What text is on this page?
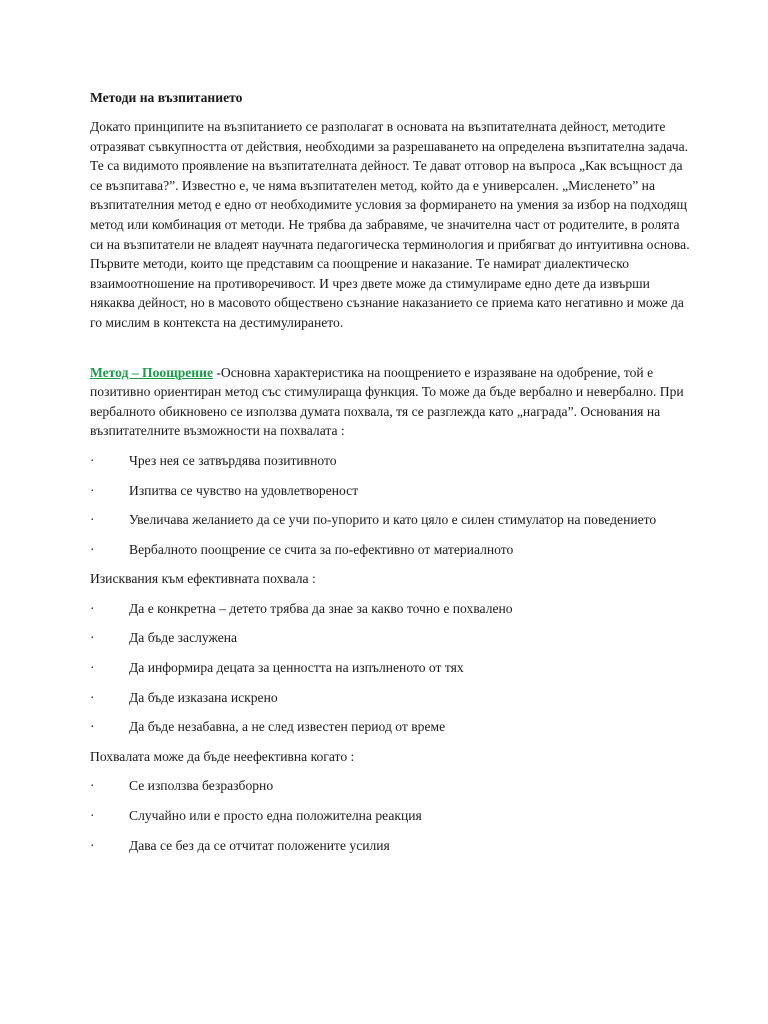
Методи на възпитанието

Докато принципите на възпитанието се разполагат в основата на възпитателната дейност, методите отразяват съвкупността от действия, необходими за разрешаването на определена възпитателна задача. Те са видимото проявление на възпитателната дейност. Те дават отговор на въпроса „Как всъщност да се възпитава?”. Известно е, че няма възпитателен метод, който да е универсален. „Мисленето” на възпитателния метод е едно от необходимите условия за формирането на умения за избор на подходящ метод или комбинация от методи. Не трябва да забравяме, че значителна част от родителите, в ролята си на възпитатели не владеят научната педагогическа терминология и прибягват до интуитивна основа. Първите методи, които ще представим са поощрение и наказание. Те намират диалектическо взаимоотношение на противоречивост. И чрез двете може да стимулираме едно дете да извърши някаква дейност, но в масовото обществено съзнание наказанието се приема като негативно и може да го мислим в контекста на дестимулирането.

Метод – Поощрение -Основна характеристика на поощрението е изразяване на одобрение, той е позитивно ориентиран метод със стимулираща функция. То може да бъде вербално и невербално. При вербалното обикновено се използва думата похвала, тя се разглежда като „награда”. Основания на възпитателните възможности на похвалата :

·	Чрез нея се затвърдява позитивното
·	Изпитва се чувство на удовлетвореност
·	Увеличава желанието да се учи по-упорито и като цяло е силен стимулатор на поведението
·	Вербалното поощрение се счита за по-ефективно от материалното

Изисквания към ефективната похвала :

·	Да е конкретна – детето трябва да знае за какво точно е похвалено
·	Да бъде заслужена
·	Да информира децата за ценността на изпълненото от тях
·	Да бъде изказана искрено
·	Да бъде незабавна, а не след известен период от време

Похвалата може да бъде неефективна когато :

·	Се използва безразборно
·	Случайно или е просто една положителна реакция
·	Дава се без да се отчитат положените усилия
